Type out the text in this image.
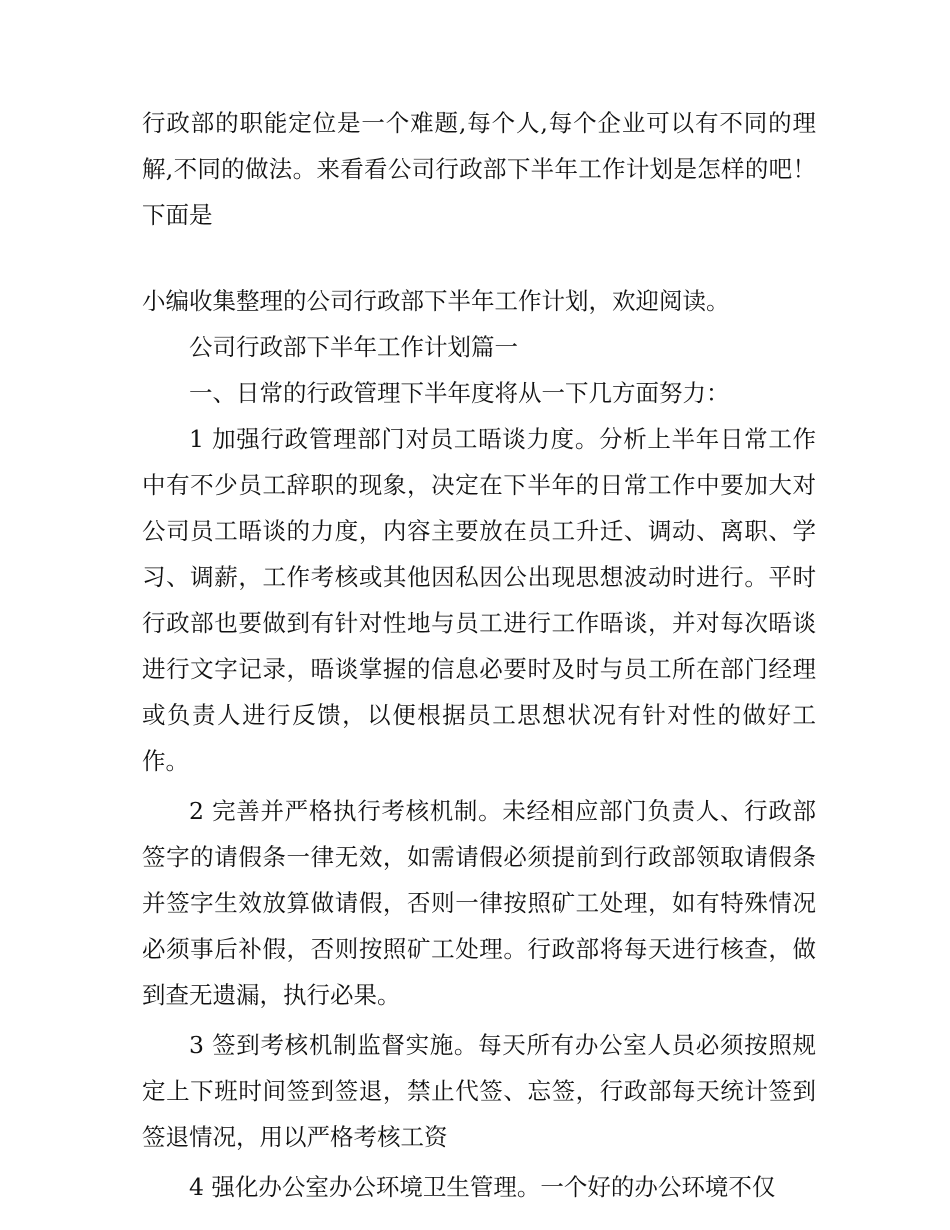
行政部的职能定位是一个难题,每个人,每个企业可以有不同的理解,不同的做法。来看看公司行政部下半年工作计划是怎样的吧！下面是

小编收集整理的公司行政部下半年工作计划，欢迎阅读。

公司行政部下半年工作计划篇一

一、日常的行政管理下半年度将从一下几方面努力：

1 加强行政管理部门对员工晤谈力度。分析上半年日常工作中有不少员工辞职的现象，决定在下半年的日常工作中要加大对公司员工晤谈的力度，内容主要放在员工升迁、调动、离职、学习、调薪，工作考核或其他因私因公出现思想波动时进行。平时行政部也要做到有针对性地与员工进行工作晤谈，并对每次晤谈进行文字记录，晤谈掌握的信息必要时及时与员工所在部门经理或负责人进行反馈，以便根据员工思想状况有针对性的做好工作。

2 完善并严格执行考核机制。未经相应部门负责人、行政部签字的请假条一律无效，如需请假必须提前到行政部领取请假条并签字生效放算做请假，否则一律按照矿工处理，如有特殊情况必须事后补假，否则按照矿工处理。行政部将每天进行核查，做到查无遗漏，执行必果。

3 签到考核机制监督实施。每天所有办公室人员必须按照规定上下班时间签到签退，禁止代签、忘签，行政部每天统计签到签退情况，用以严格考核工资

4 强化办公室办公环境卫生管理。一个好的办公环境不仅
